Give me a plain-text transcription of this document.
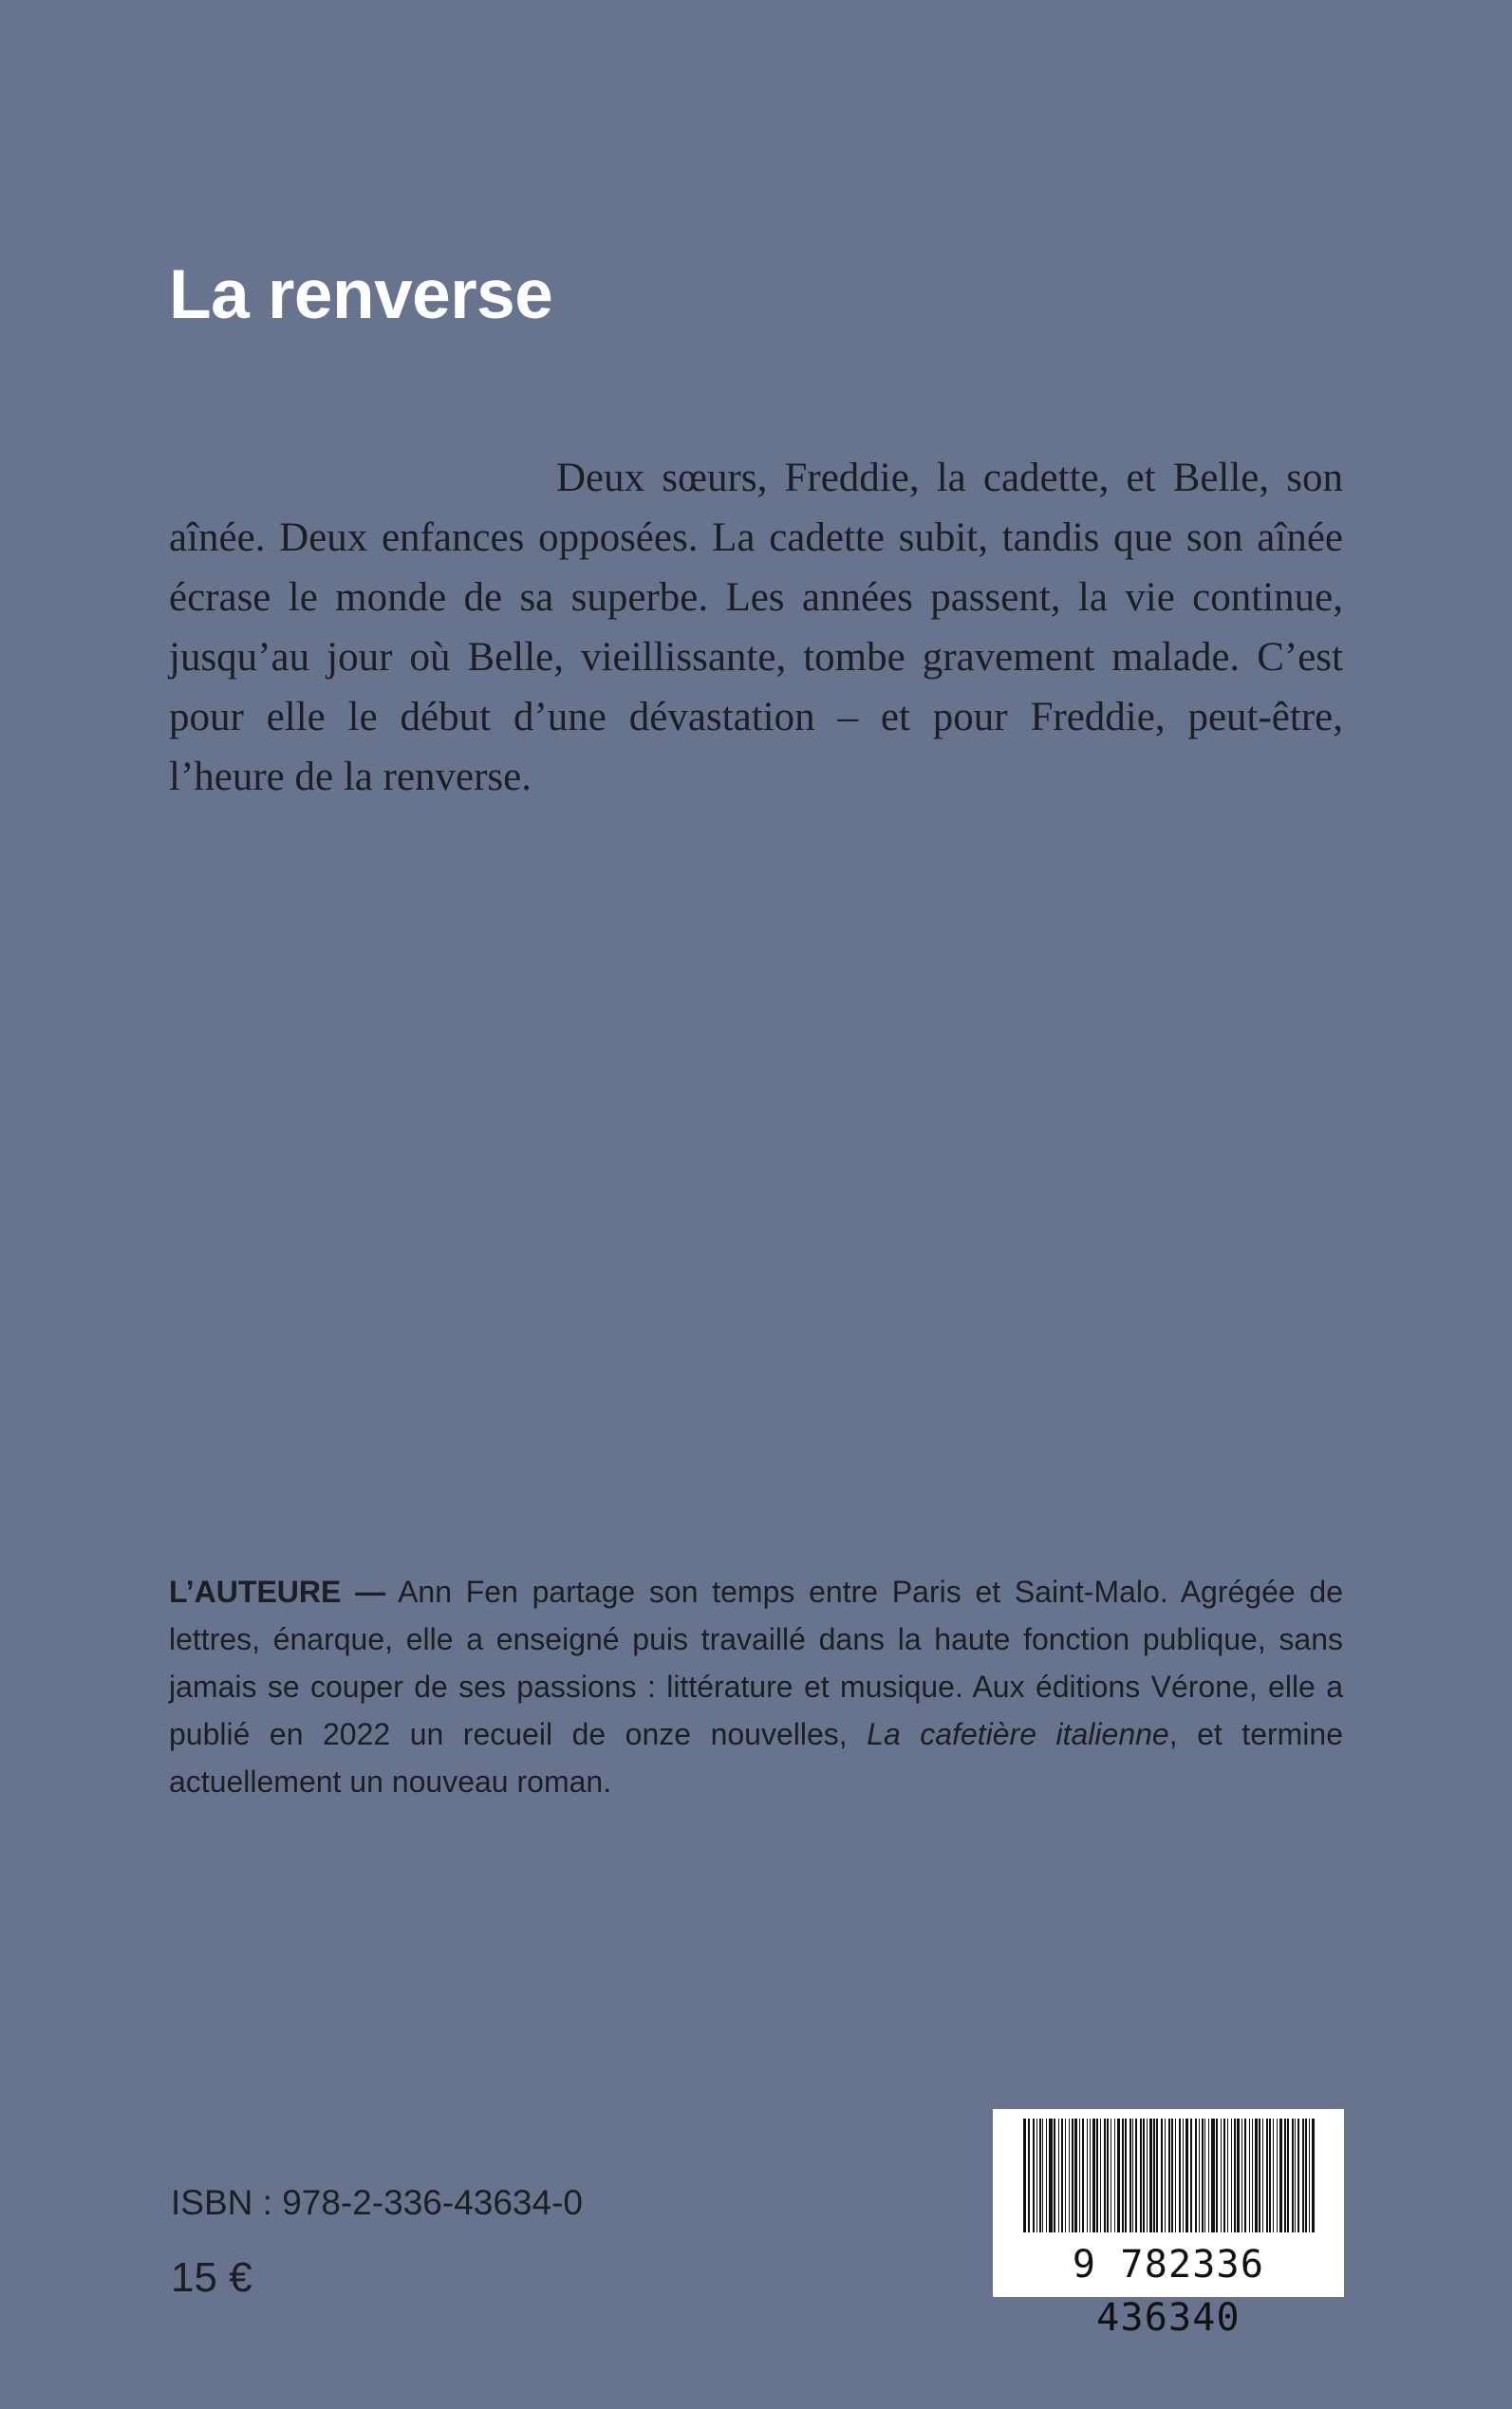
La renverse

Deux sœurs, Freddie, la cadette, et Belle, son aînée. Deux enfances opposées. La cadette subit, tandis que son aînée écrase le monde de sa superbe. Les années passent, la vie continue, jusqu’au jour où Belle, vieillissante, tombe gravement malade. C’est pour elle le début d’une dévastation – et pour Freddie, peut-être, l’heure de la renverse.

L’AUTEURE — Ann Fen partage son temps entre Paris et Saint-Malo. Agrégée de lettres, énarque, elle a enseigné puis travaillé dans la haute fonction publique, sans jamais se couper de ses passions : littérature et musique. Aux éditions Vérone, elle a publié en 2022 un recueil de onze nouvelles, La cafetière italienne, et termine actuellement un nouveau roman.

ISBN : 978-2-336-43634-0

15 €	9 782336 436340
